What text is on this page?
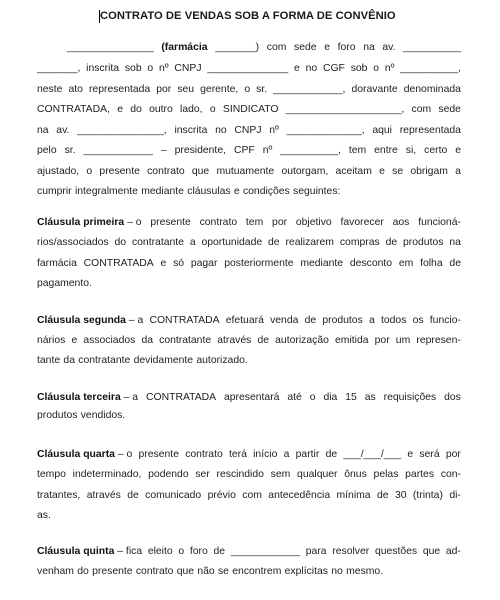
CONTRATO DE VENDAS SOB A FORMA DE CONVÊNIO
_______________ (farmácia _______) com sede e foro na av. __________
_______, inscrita sob o nº CNPJ ______________ e no CGF sob o nº __________,
neste ato representada por seu gerente, o sr. ____________, doravante denominada
CONTRATADA, e do outro lado, o SINDICATO ____________________, com sede
na av. _______________, inscrita no CNPJ nº _____________, aqui representada
pelo sr. ____________ – presidente, CPF nº __________, tem entre si, certo e
ajustado, o presente contrato que mutuamente outorgam, aceitam e se obrigam a
cumprir integralmente mediante cláusulas e condições seguintes:
Cláusula primeira – o presente contrato tem por objetivo favorecer aos funcioná-
rios/associados do contratante a oportunidade de realizarem compras de produtos na
farmácia CONTRATADA e só pagar posteriormente mediante desconto em folha de
pagamento.
Cláusula segunda – a CONTRATADA efetuará venda de produtos a todos os funcio-
nários e associados da contratante através de autorização emitida por um represen-
tante da contratante devidamente autorizado.
Cláusula terceira – a CONTRATADA apresentará até o dia 15 as requisições dos
produtos vendidos.
Cláusula quarta – o presente contrato terá início a partir de ___/___/___ e será por
tempo indeterminado, podendo ser rescindido sem qualquer ônus pelas partes con-
tratantes, através de comunicado prévio com antecedência mínima de 30 (trinta) di-
as.
Cláusula quinta – fica eleito o foro de ____________ para resolver questões que ad-
venham do presente contrato que não se encontrem explícitas no mesmo.
